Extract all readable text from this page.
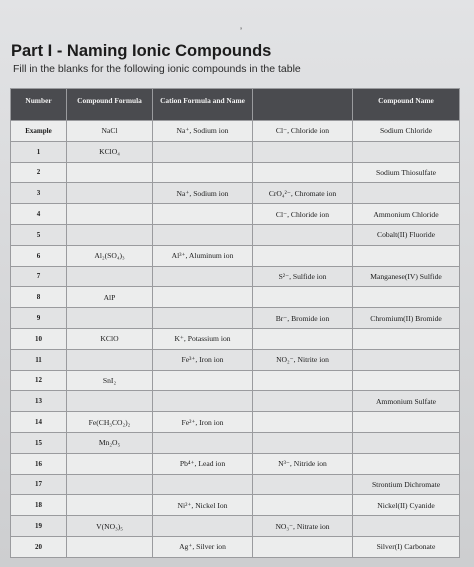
’
Part I - Naming Ionic Compounds
Fill in the blanks for the following ionic compounds in the table
Number	Compound Formula	Cation Formula and Name		Compound Name
Example	NaCl	Na⁺, Sodium ion	Cl⁻, Chloride ion	Sodium Chloride
1	KClO₄			
2				Sodium Thiosulfate
3		Na⁺, Sodium ion	CrO₄²⁻, Chromate ion	
4			Cl⁻, Chloride ion	Ammonium Chloride
5				Cobalt(II) Fluoride
6	Al₂(SO₄)₃	Al³⁺, Aluminum ion		
7			S²⁻, Sulfide ion	Manganese(IV) Sulfide
8	AlP			
9			Br⁻, Bromide ion	Chromium(II) Bromide
10	KClO	K⁺, Potassium ion		
11		Fe³⁺, Iron ion	NO₂⁻, Nitrite ion	
12	SnI₂			
13				Ammonium Sulfate
14	Fe(CH₃CO₂)₂	Fe²⁺, Iron ion		
15	Mn₂O₅			
16		Pb⁴⁺, Lead ion	N³⁻, Nitride ion	
17				Strontium Dichromate
18		Ni²⁺, Nickel Ion		Nickel(II) Cyanide
19	V(NO₃)₅		NO₃⁻, Nitrate ion	
20		Ag⁺, Silver ion		Silver(I) Carbonate
